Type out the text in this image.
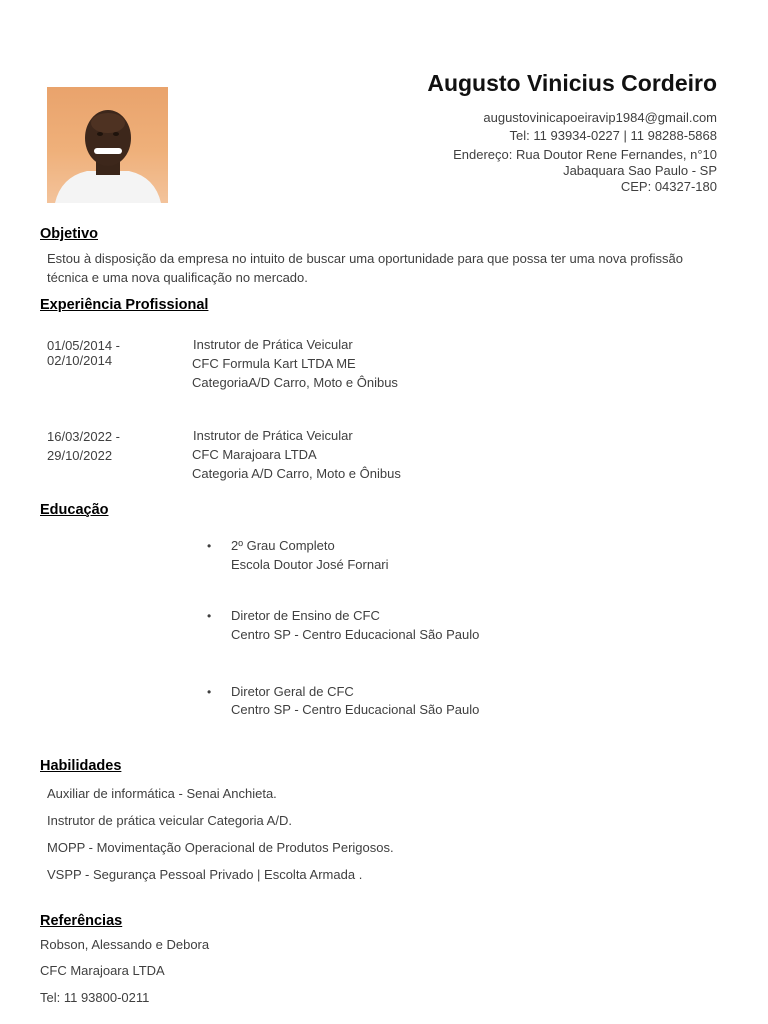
Augusto Vinicius Cordeiro
augustovinicapoeiravip1984@gmail.com
Tel: 11 93934-0227 | 11 98288-5868
Endereço: Rua Doutor Rene Fernandes, n°10
Jabaquara Sao Paulo - SP
CEP: 04327-180
Objetivo
Estou à disposição da empresa no intuito de buscar uma oportunidade para que possa ter uma nova profissão
técnica e uma nova qualificação no mercado.
Experiência Profissional
01/05/2014 -
02/10/2014
Instrutor de Prática Veicular
CFC Formula Kart LTDA ME
CategoriaA/D Carro, Moto e Ônibus
16/03/2022 -
29/10/2022
Instrutor de Prática Veicular
CFC Marajoara LTDA
Categoria A/D Carro, Moto e Ônibus
Educação
• 2º Grau Completo
Escola Doutor José Fornari
• Diretor de Ensino de CFC
Centro SP - Centro Educacional São Paulo
• Diretor Geral de CFC
Centro SP - Centro Educacional São Paulo
Habilidades
Auxiliar de informática - Senai Anchieta.
Instrutor de prática veicular Categoria A/D.
MOPP - Movimentação Operacional de Produtos Perigosos.
VSPP - Segurança Pessoal Privado | Escolta Armada .
Referências
Robson, Alessando e Debora
CFC Marajoara LTDA
Tel: 11 93800-0211
